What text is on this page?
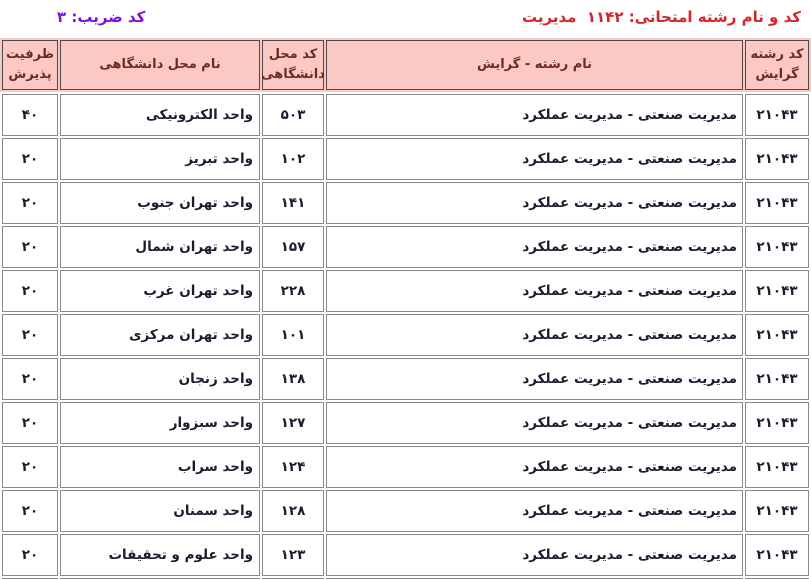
کد و نام رشته امتحانی: ۱۱۴۲  مدیریت
کد ضریب: ۳
کد رشته
گرایش
نام رشته - گرایش
کد محل
دانشگاهی
نام محل دانشگاهی
ظرفیت
پذیرش
۲۱۰۴۳
مدیریت صنعتی - مدیریت عملکرد
۵۰۳
واحد الکترونیکی
۴۰
۲۱۰۴۳
مدیریت صنعتی - مدیریت عملکرد
۱۰۲
واحد تبریز
۲۰
۲۱۰۴۳
مدیریت صنعتی - مدیریت عملکرد
۱۴۱
واحد تهران جنوب
۲۰
۲۱۰۴۳
مدیریت صنعتی - مدیریت عملکرد
۱۵۷
واحد تهران شمال
۲۰
۲۱۰۴۳
مدیریت صنعتی - مدیریت عملکرد
۲۲۸
واحد تهران غرب
۲۰
۲۱۰۴۳
مدیریت صنعتی - مدیریت عملکرد
۱۰۱
واحد تهران مرکزی
۲۰
۲۱۰۴۳
مدیریت صنعتی - مدیریت عملکرد
۱۳۸
واحد زنجان
۲۰
۲۱۰۴۳
مدیریت صنعتی - مدیریت عملکرد
۱۲۷
واحد سبزوار
۲۰
۲۱۰۴۳
مدیریت صنعتی - مدیریت عملکرد
۱۲۴
واحد سراب
۲۰
۲۱۰۴۳
مدیریت صنعتی - مدیریت عملکرد
۱۲۸
واحد سمنان
۲۰
۲۱۰۴۳
مدیریت صنعتی - مدیریت عملکرد
۱۲۳
واحد علوم و تحقیقات
۲۰
